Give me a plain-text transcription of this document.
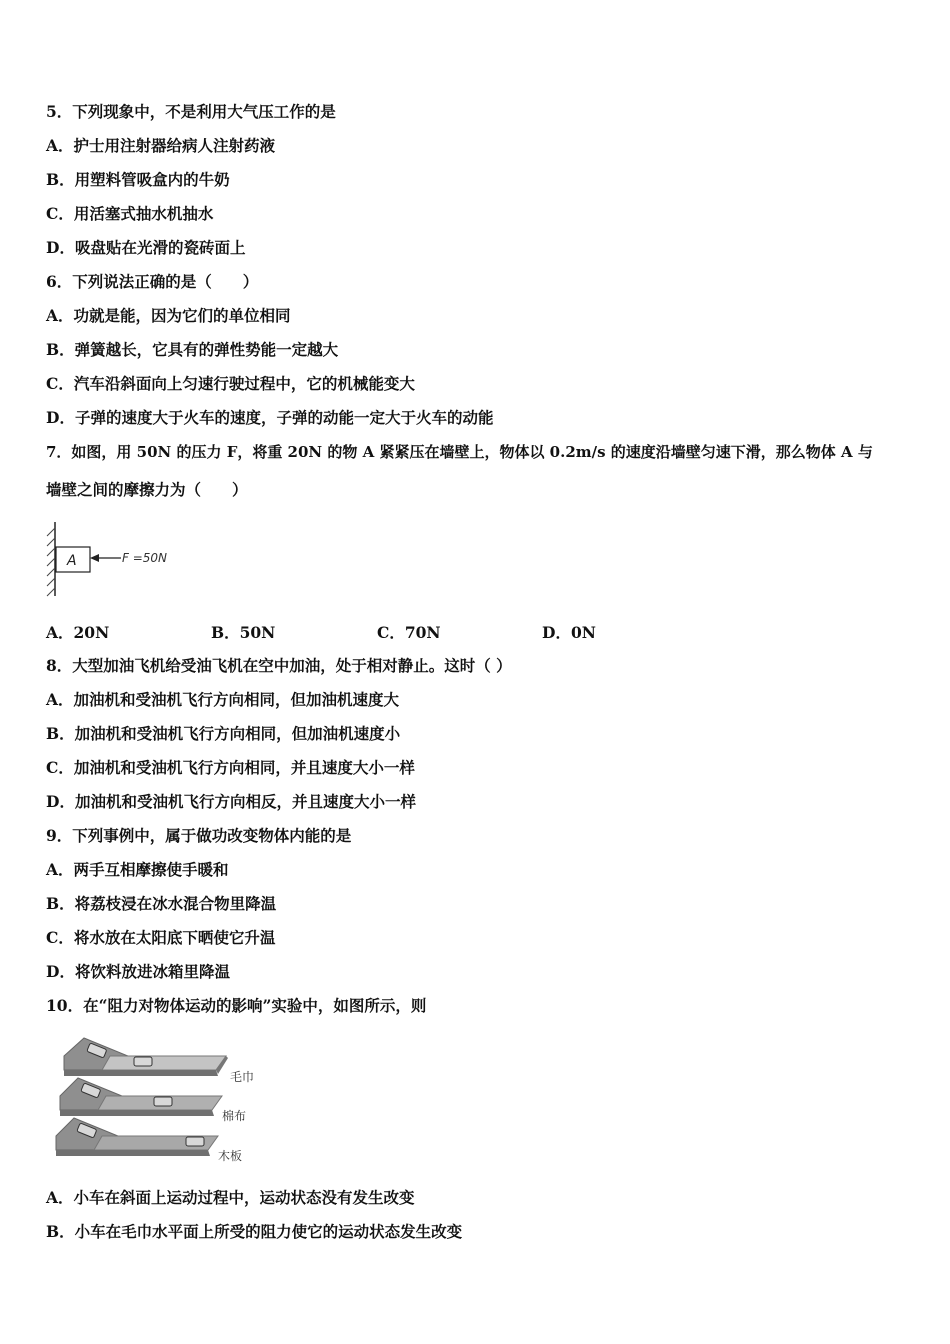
5．下列现象中，不是利用大气压工作的是
A．护士用注射器给病人注射药液
B．用塑料管吸盒内的牛奶
C．用活塞式抽水机抽水
D．吸盘贴在光滑的瓷砖面上
6．下列说法正确的是（　　）
A．功就是能，因为它们的单位相同
B．弹簧越长，它具有的弹性势能一定越大
C．汽车沿斜面向上匀速行驶过程中，它的机械能变大
D．子弹的速度大于火车的速度，子弹的动能一定大于火车的动能
7．如图，用 50N 的压力 F，将重 20N 的物 A 紧紧压在墙壁上，物体以 0.2m/s 的速度沿墙壁匀速下滑，那么物体 A 与
墙壁之间的摩擦力为（　　）
A	F =50N
A．20N	B．50N	C．70N	D．0N
8．大型加油飞机给受油飞机在空中加油，处于相对静止。这时（ ）
A．加油机和受油机飞行方向相同，但加油机速度大
B．加油机和受油机飞行方向相同，但加油机速度小
C．加油机和受油机飞行方向相同，并且速度大小一样
D．加油机和受油机飞行方向相反，并且速度大小一样
9．下列事例中，属于做功改变物体内能的是
A．两手互相摩擦使手暖和
B．将荔枝浸在冰水混合物里降温
C．将水放在太阳底下晒使它升温
D．将饮料放进冰箱里降温
10．在“阻力对物体运动的影响”实验中，如图所示，则
毛巾
棉布
木板
A．小车在斜面上运动过程中，运动状态没有发生改变
B．小车在毛巾水平面上所受的阻力使它的运动状态发生改变
